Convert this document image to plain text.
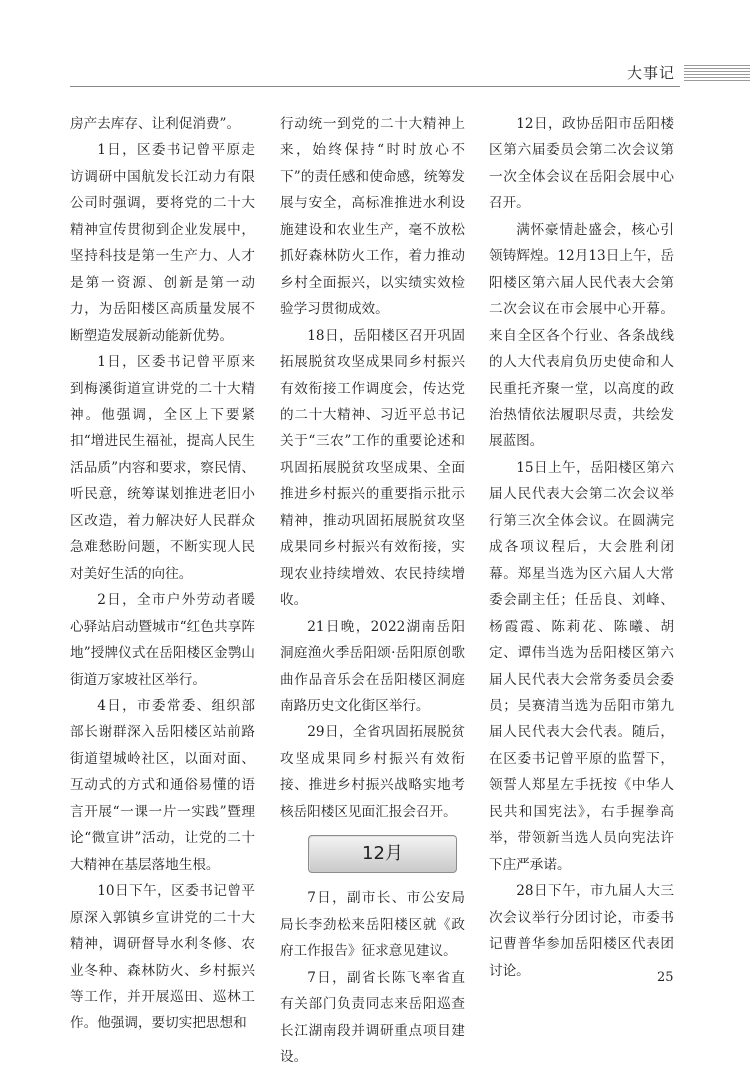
大事记

房产去库存、让利促消费”。

1日，区委书记曾平原走访调研中国航发长江动力有限公司时强调，要将党的二十大精神宣传贯彻到企业发展中，坚持科技是第一生产力、人才是第一资源、创新是第一动力，为岳阳楼区高质量发展不断塑造发展新动能新优势。

1日，区委书记曾平原来到梅溪街道宣讲党的二十大精神。他强调，全区上下要紧扣“增进民生福祉，提高人民生活品质”内容和要求，察民情、听民意，统筹谋划推进老旧小区改造，着力解决好人民群众急难愁盼问题，不断实现人民对美好生活的向往。

2日，全市户外劳动者暖心驿站启动暨城市“红色共享阵地”授牌仪式在岳阳楼区金鹗山街道万家坡社区举行。

4日，市委常委、组织部部长谢群深入岳阳楼区站前路街道望城岭社区，以面对面、互动式的方式和通俗易懂的语言开展“一课一片一实践”暨理论“微宣讲”活动，让党的二十大精神在基层落地生根。

10日下午，区委书记曾平原深入郭镇乡宣讲党的二十大精神，调研督导水利冬修、农业冬种、森林防火、乡村振兴等工作，并开展巡田、巡林工作。他强调，要切实把思想和

行动统一到党的二十大精神上来，始终保持“时时放心不下”的责任感和使命感，统筹发展与安全，高标准推进水利设施建设和农业生产，毫不放松抓好森林防火工作，着力推动乡村全面振兴，以实绩实效检验学习贯彻成效。

18日，岳阳楼区召开巩固拓展脱贫攻坚成果同乡村振兴有效衔接工作调度会，传达党的二十大精神、习近平总书记关于“三农”工作的重要论述和巩固拓展脱贫攻坚成果、全面推进乡村振兴的重要指示批示精神，推动巩固拓展脱贫攻坚成果同乡村振兴有效衔接，实现农业持续增效、农民持续增收。

21日晚，2022湖南岳阳洞庭渔火季岳阳颂·岳阳原创歌曲作品音乐会在岳阳楼区洞庭南路历史文化街区举行。

29日，全省巩固拓展脱贫攻坚成果同乡村振兴有效衔接、推进乡村振兴战略实地考核岳阳楼区见面汇报会召开。

12月

7日，副市长、市公安局局长李劲松来岳阳楼区就《政府工作报告》征求意见建议。

7日，副省长陈飞率省直有关部门负责同志来岳阳巡查长江湖南段并调研重点项目建设。

12日，政协岳阳市岳阳楼区第六届委员会第二次会议第一次全体会议在岳阳会展中心召开。

满怀豪情赴盛会，核心引领铸辉煌。12月13日上午，岳阳楼区第六届人民代表大会第二次会议在市会展中心开幕。来自全区各个行业、各条战线的人大代表肩负历史使命和人民重托齐聚一堂，以高度的政治热情依法履职尽责，共绘发展蓝图。

15日上午，岳阳楼区第六届人民代表大会第二次会议举行第三次全体会议。在圆满完成各项议程后，大会胜利闭幕。郑星当选为区六届人大常委会副主任；任岳良、刘峰、杨霞霞、陈莉花、陈曦、胡定、谭伟当选为岳阳楼区第六届人民代表大会常务委员会委员；吴赛清当选为岳阳市第九届人民代表大会代表。随后，在区委书记曾平原的监誓下，领誓人郑星左手抚按《中华人民共和国宪法》，右手握拳高举，带领新当选人员向宪法许下庄严承诺。

28日下午，市九届人大三次会议举行分团讨论，市委书记曹普华参加岳阳楼区代表团讨论。	25
